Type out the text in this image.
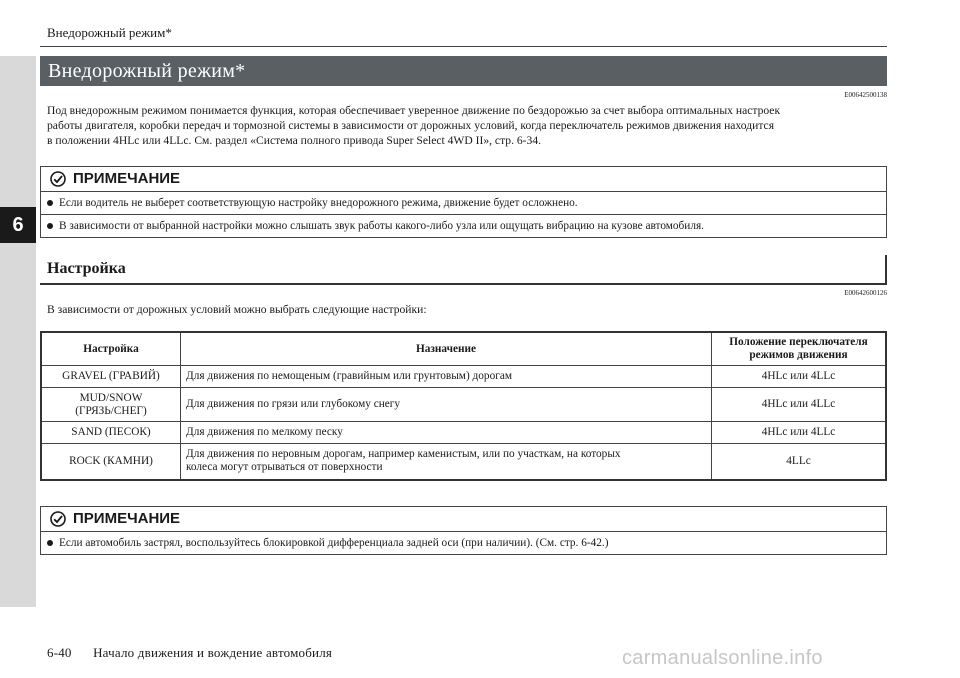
6
Внедорожный режим*
Внедорожный режим*
E00642500138
Под внедорожным режимом понимается функция, которая обеспечивает уверенное движение по бездорожью за счет выбора оптимальных настроек
работы двигателя, коробки передач и тормозной системы в зависимости от дорожных условий, когда переключатель режимов движения находится
в положении 4HLc или 4LLc. См. раздел «Система полного привода Super Select 4WD II», стр. 6-34.
ПРИМЕЧАНИЕ
Если водитель не выберет соответствующую настройку внедорожного режима, движение будет осложнено.
В зависимости от выбранной настройки можно слышать звук работы какого-либо узла или ощущать вибрацию на кузове автомобиля.
Настройка
E00642600126
В зависимости от дорожных условий можно выбрать следующие настройки:
Настройка	Назначение	Положение переключателя
режимов движения

GRAVEL (ГРАВИЙ)	Для движения по немощеным (гравийным или грунтовым) дорогам	4HLc или 4LLc

MUD/SNOW
(ГРЯЗЬ/СНЕГ)	Для движения по грязи или глубокому снегу	4HLc или 4LLc
SAND (ПЕСОК)	Для движения по мелкому песку	4HLc или 4LLc
ROCK (КАМНИ)	Для движения по неровным дорогам, например каменистым, или по участкам, на которых
колеса могут отрываться от поверхности	4LLc
ПРИМЕЧАНИЕ
Если автомобиль застрял, воспользуйтесь блокировкой дифференциала задней оси (при наличии). (См. стр. 6-42.)
6-40 Начало движения и вождение автомобиля	carmanualsonline.info
